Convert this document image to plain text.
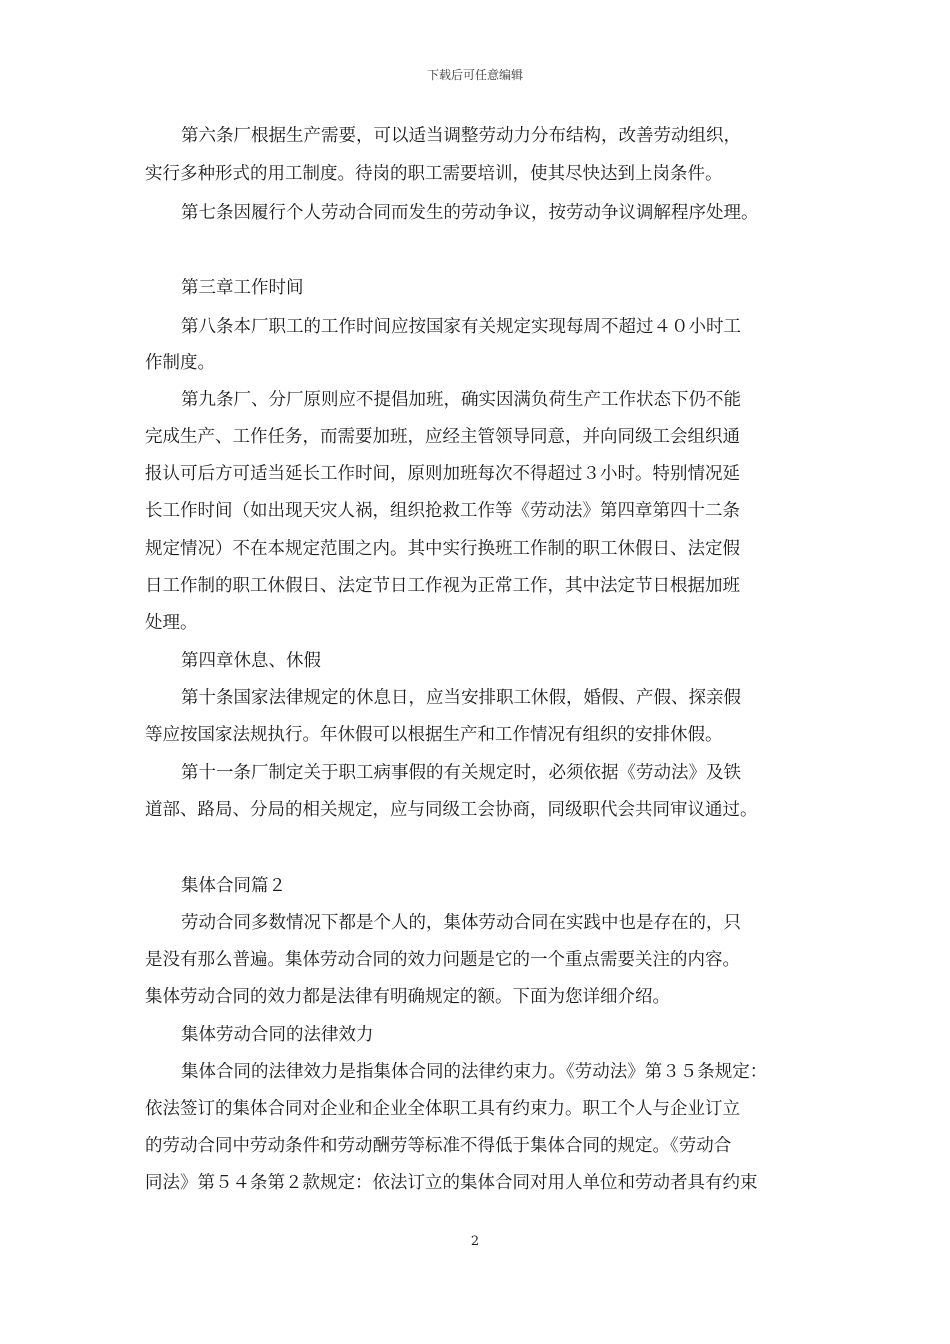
下载后可任意编辑
第六条厂根据生产需要，可以适当调整劳动力分布结构，改善劳动组织，
实行多种形式的用工制度。待岗的职工需要培训，使其尽快达到上岗条件。
第七条因履行个人劳动合同而发生的劳动争议，按劳动争议调解程序处理。
第三章工作时间
第八条本厂职工的工作时间应按国家有关规定实现每周不超过４０小时工
作制度。
第九条厂、分厂原则应不提倡加班，确实因满负荷生产工作状态下仍不能
完成生产、工作任务，而需要加班，应经主管领导同意，并向同级工会组织通
报认可后方可适当延长工作时间，原则加班每次不得超过３小时。特别情况延
长工作时间（如出现天灾人祸，组织抢救工作等《劳动法》第四章第四十二条
规定情况）不在本规定范围之内。其中实行换班工作制的职工休假日、法定假
日工作制的职工休假日、法定节日工作视为正常工作，其中法定节日根据加班
处理。
第四章休息、休假
第十条国家法律规定的休息日，应当安排职工休假，婚假、产假、探亲假
等应按国家法规执行。年休假可以根据生产和工作情况有组织的安排休假。
第十一条厂制定关于职工病事假的有关规定时，必须依据《劳动法》及铁
道部、路局、分局的相关规定，应与同级工会协商，同级职代会共同审议通过。
集体合同篇２
劳动合同多数情况下都是个人的，集体劳动合同在实践中也是存在的，只
是没有那么普遍。集体劳动合同的效力问题是它的一个重点需要关注的内容。
集体劳动合同的效力都是法律有明确规定的额。下面为您详细介绍。
集体劳动合同的法律效力
集体合同的法律效力是指集体合同的法律约束力。《劳动法》第３５条规定：
依法签订的集体合同对企业和企业全体职工具有约束力。职工个人与企业订立
的劳动合同中劳动条件和劳动酬劳等标准不得低于集体合同的规定。《劳动合
同法》第５４条第２款规定：依法订立的集体合同对用人单位和劳动者具有约束
2
